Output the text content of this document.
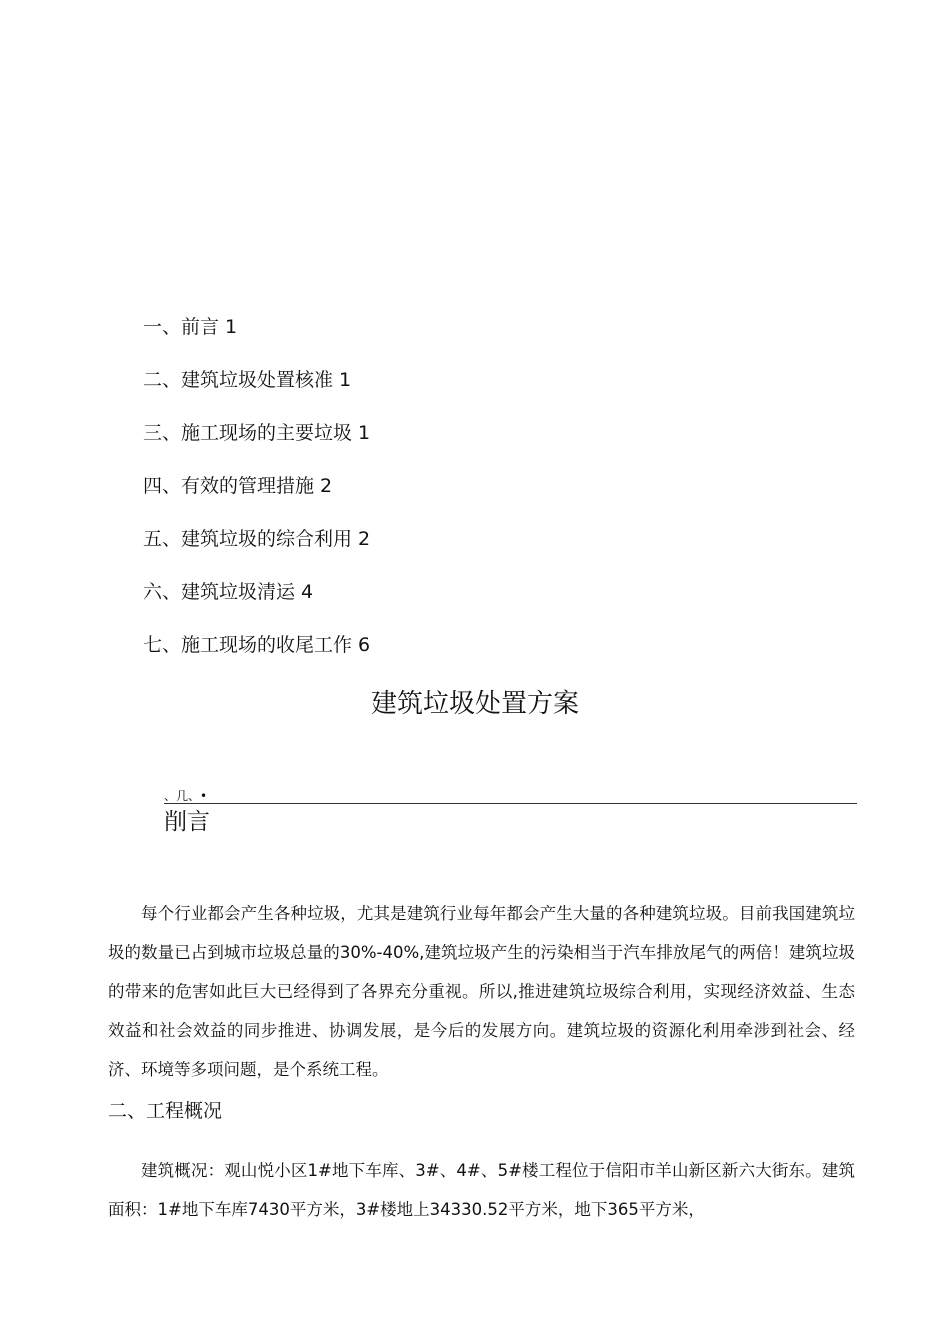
一、前言 1
二、建筑垃圾处置核准 1
三、施工现场的主要垃圾 1
四、有效的管理措施 2
五、建筑垃圾的综合利用 2
六、建筑垃圾清运 4
七、施工现场的收尾工作 6
建筑垃圾处置方案
、几、•
削言

每个行业都会产生各种垃圾，尤其是建筑行业每年都会产生大量的各种建筑垃圾。目前我国建筑垃圾的数量已占到城市垃圾总量的30%-40%,建筑垃圾产生的污染相当于汽车排放尾气的两倍！建筑垃圾的带来的危害如此巨大已经得到了各界充分重视。所以,推进建筑垃圾综合利用，实现经济效益、生态效益和社会效益的同步推进、协调发展，是今后的发展方向。建筑垃圾的资源化利用牵涉到社会、经济、环境等多项问题，是个系统工程。

二、工程概况

建筑概况：观山悦小区1#地下车库、3#、4#、5#楼工程位于信阳市羊山新区新六大街东。建筑面积：1#地下车库7430平方米，3#楼地上34330.52平方米，地下365平方米，
